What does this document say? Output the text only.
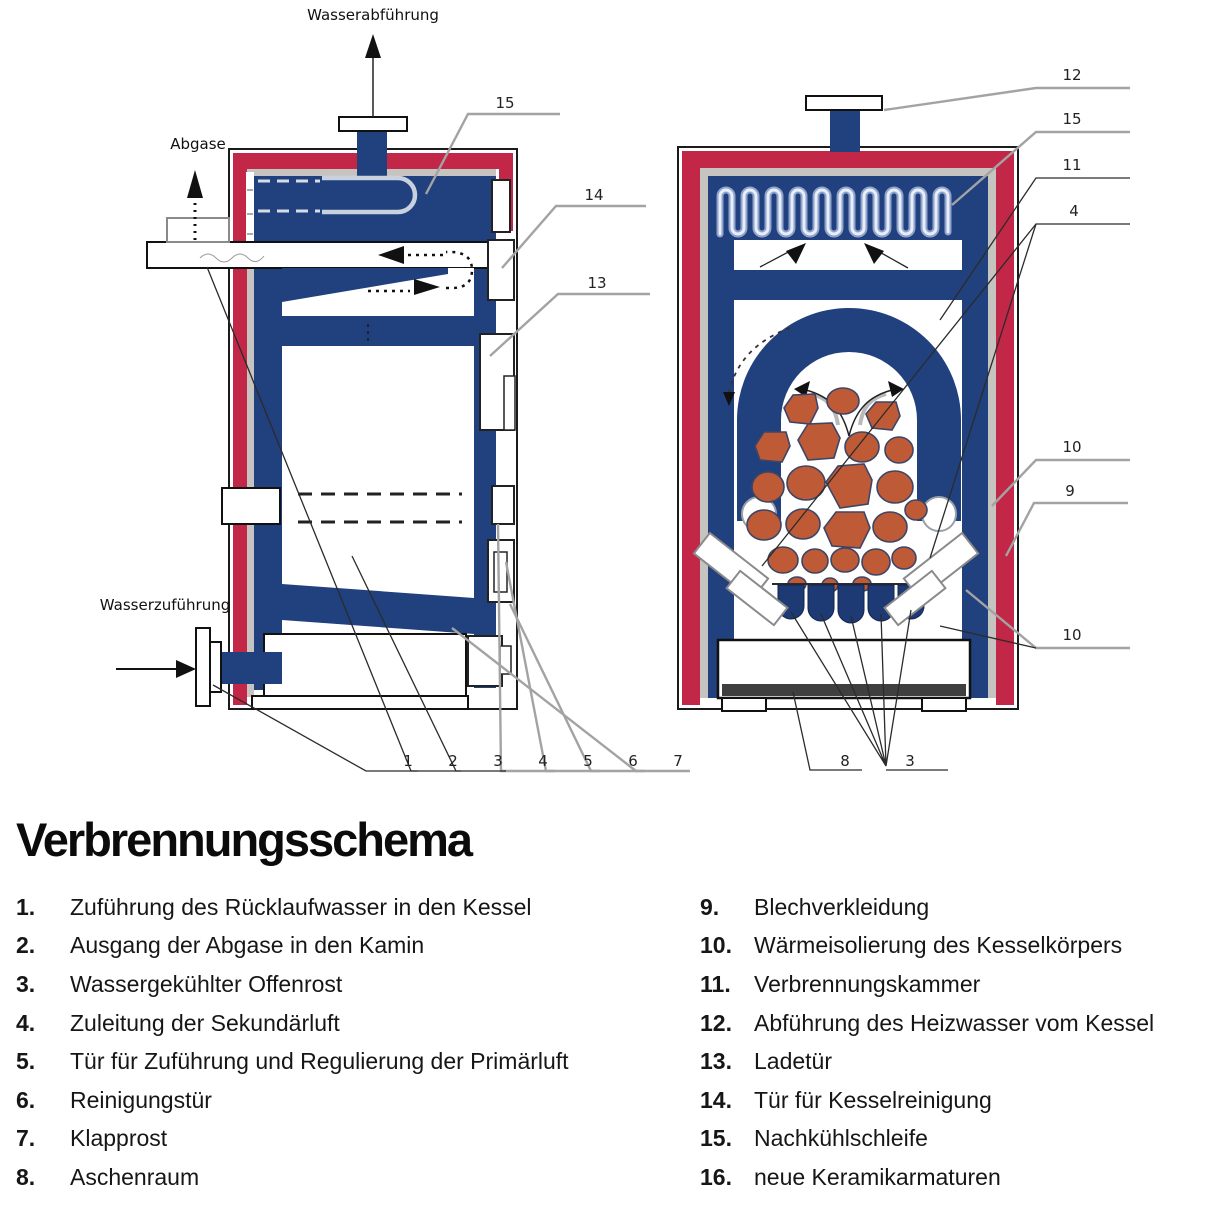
15
14
13
1 2 3 4 5 6 7
Wasserabführung
Abgase
Wasserzuführung
12
15
11
4
10
9
10
8	3
Verbrennungsschema
1.	Zuführung des Rücklaufwasser in den Kessel
2.	Ausgang der Abgase in den Kamin
3.	Wassergekühlter Offenrost
4.	Zuleitung der Sekundärluft
5.	Tür für Zuführung und Regulierung der Primärluft
6.	Reinigungstür
7.	Klapprost
8.	Aschenraum
9.	Blechverkleidung
10. Wärmeisolierung des Kesselkörpers
11.	Verbrennungskammer
12. Abführung des Heizwasser vom Kessel
13. Ladetür
14. Tür für Kesselreinigung
15. Nachkühlschleife
16. neue Keramikarmaturen
